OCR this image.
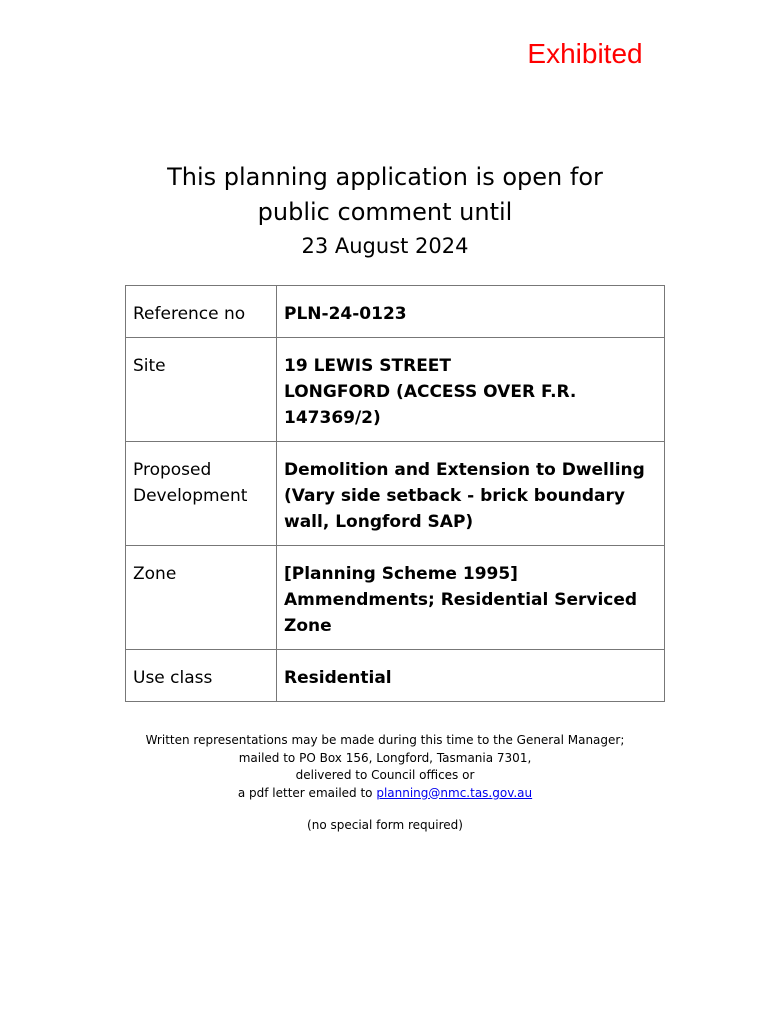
Exhibited
This planning application is open for
public comment until
23 August 2024
Reference no	PLN-24-0123

Site	19 LEWIS STREET
LONGFORD (ACCESS OVER F.R.
147369/2)

Proposed
Development	Demolition and Extension to Dwelling
(Vary side setback - brick boundary
wall, Longford SAP)

Zone	[Planning Scheme 1995]
Ammendments; Residential Serviced
Zone

Use class	Residential
Written representations may be made during this time to the General Manager;
mailed to PO Box 156, Longford, Tasmania 7301,
delivered to Council offices or
a pdf letter emailed to planning@nmc.tas.gov.au
(no special form required)
